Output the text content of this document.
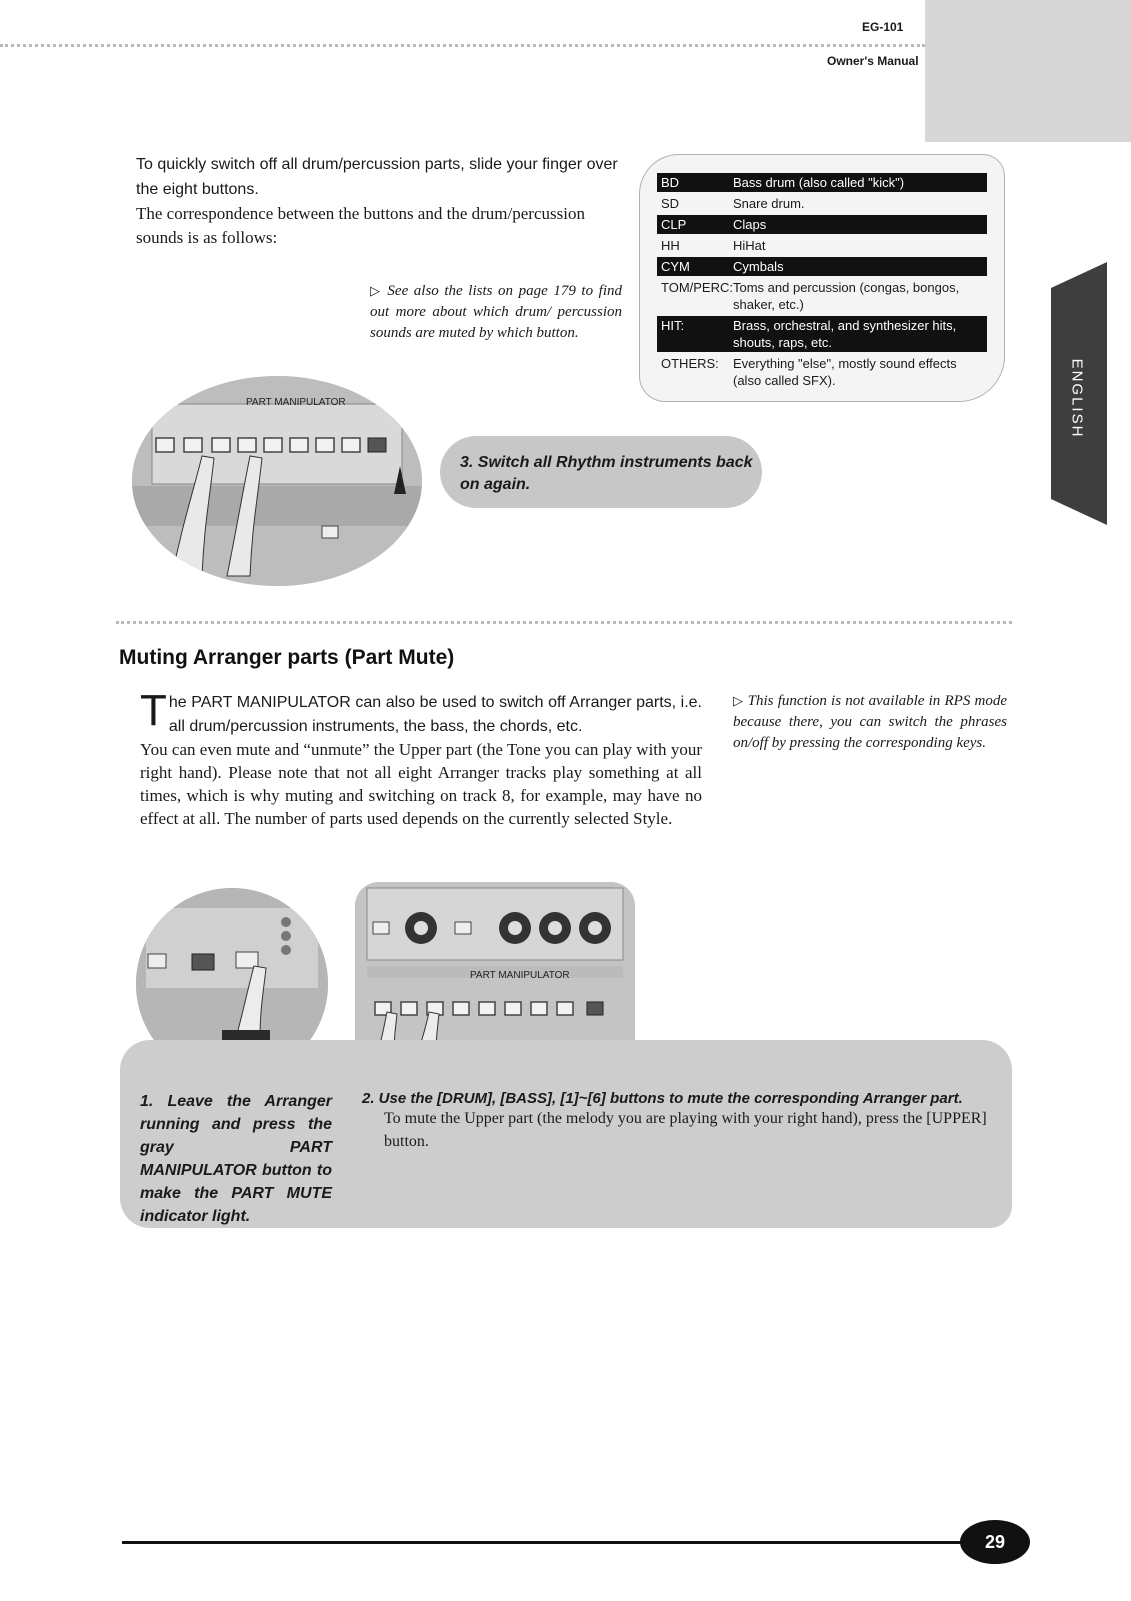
EG-101
Owner's Manual
ENGLISH
To quickly switch off all drum/percussion parts, slide your finger over the eight buttons.
The correspondence between the buttons and the drum/percussion sounds is as follows:
▷ See also the lists on page 179 to find out more about which drum/ percussion sounds are muted by which button.
BD	Bass drum (also called "kick")
SD	Snare drum.
CLP	Claps
HH	HiHat
CYM	Cymbals
TOM/PERC: Toms and percussion (congas, bongos, shaker, etc.)
HIT:	Brass, orchestral, and synthesizer hits, shouts, raps, etc.
OTHERS:	Everything "else", mostly sound effects (also called SFX).
PART MANIPULATOR
3. Switch all Rhythm instruments back on again.
Muting Arranger parts (Part Mute)
The PART MANIPULATOR can also be used to switch off Arranger parts, i.e. all drum/percussion instruments, the bass, the chords, etc.
You can even mute and “unmute” the Upper part (the Tone you can play with your right hand). Please note that not all eight Arranger tracks play something at all times, which is why muting and switching on track 8, for example, may have no effect at all. The number of parts used depends on the currently selected Style.
▷ This function is not available in RPS mode because there, you can switch the phrases on/off by pressing the corresponding keys.
PART MANIPULATOR
1. Leave the Arranger running and press the gray PART MANIPULATOR button to make the PART MUTE indicator light.
2. Use the [DRUM], [BASS], [1]~[6] buttons to mute the corresponding Arranger part.
To mute the Upper part (the melody you are playing with your right hand), press the [UPPER] button.
29
